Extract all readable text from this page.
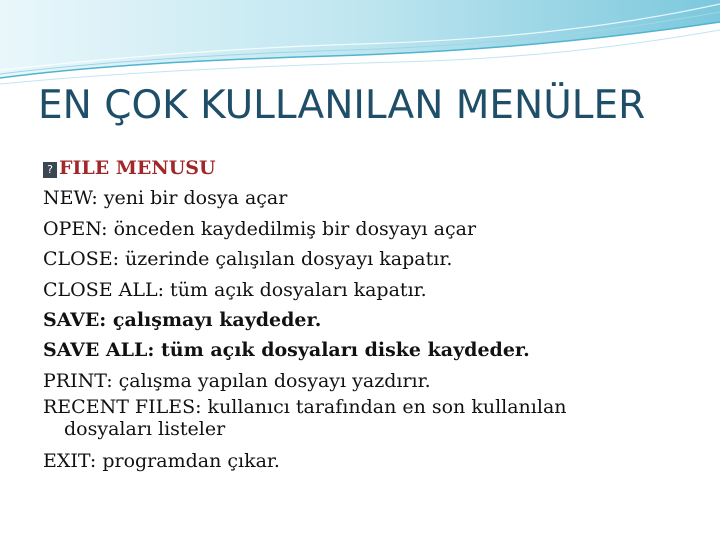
EN ÇOK KULLANILAN MENÜLER
? FILE MENUSU
NEW: yeni bir dosya açar
OPEN: önceden kaydedilmiş bir dosyayı açar
CLOSE: üzerinde çalışılan dosyayı kapatır.
CLOSE ALL: tüm açık dosyaları kapatır.
SAVE: çalışmayı kaydeder.
SAVE ALL: tüm açık dosyaları diske kaydeder.
PRINT: çalışma yapılan dosyayı yazdırır.
RECENT FILES: kullanıcı tarafından en son kullanılan
dosyaları listeler
EXIT: programdan çıkar.
